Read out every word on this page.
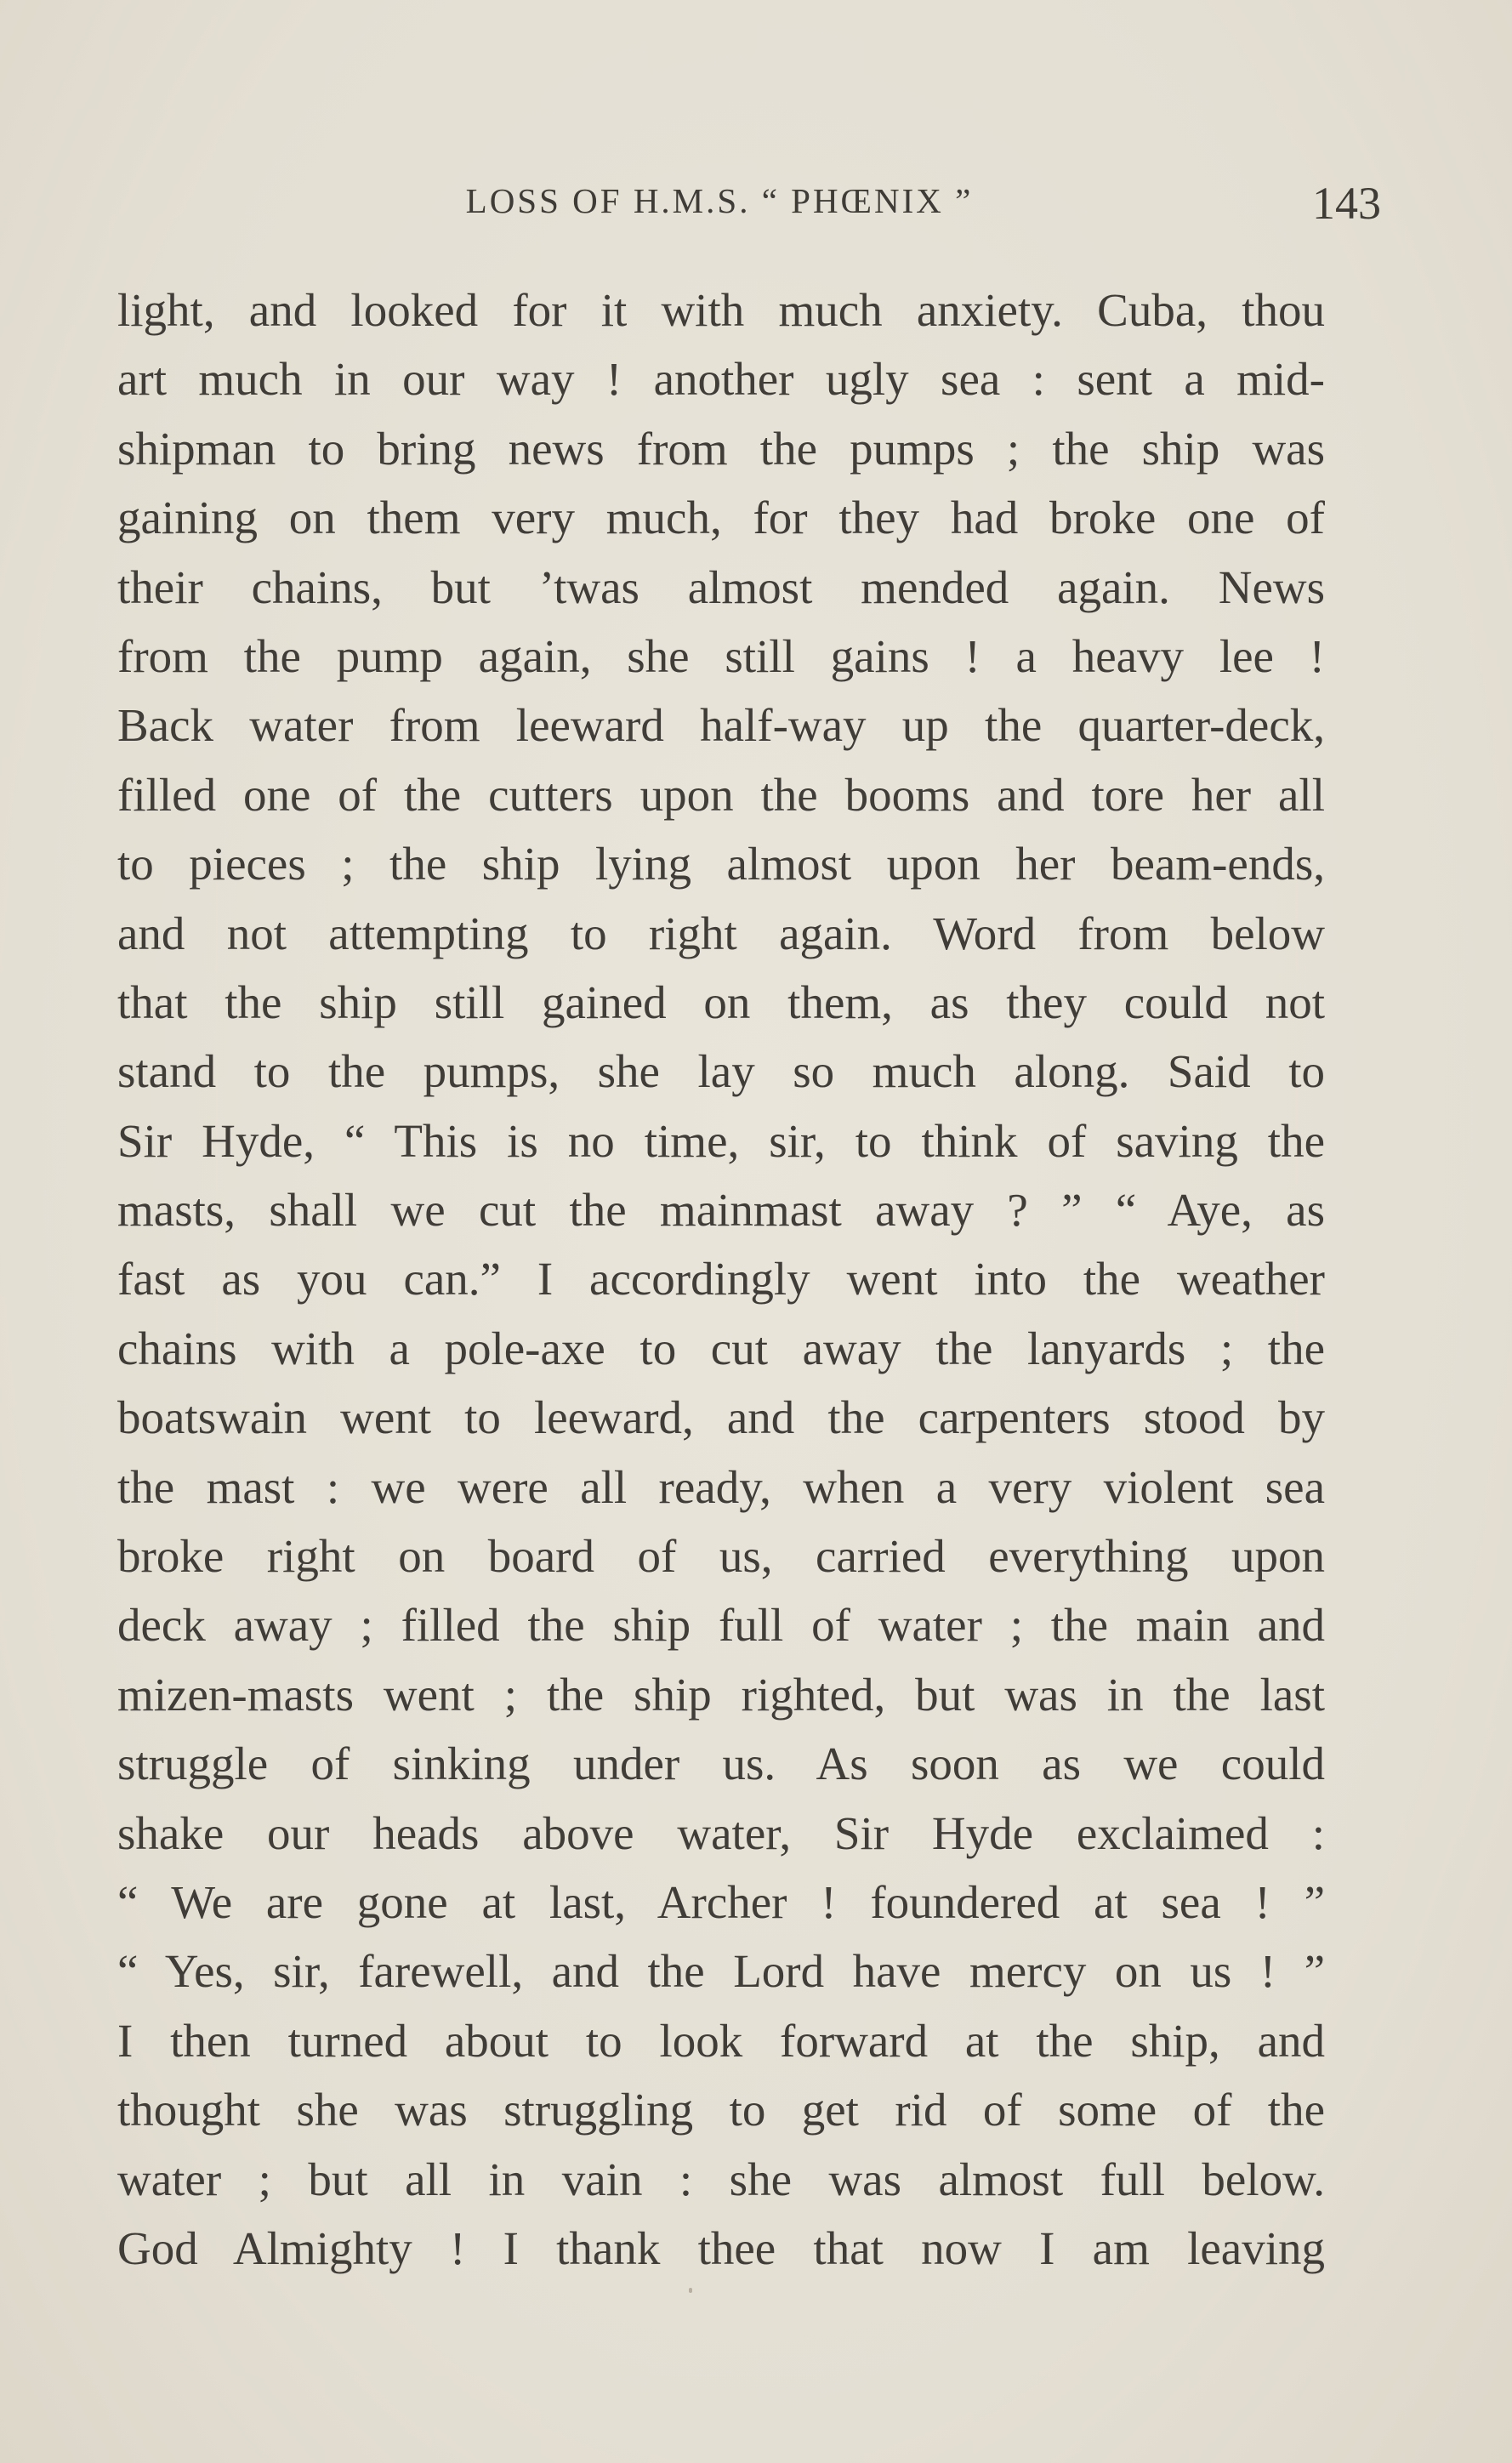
LOSS OF H.M.S. “ PHŒNIX ”	143
light, and looked for it with much anxiety. Cuba, thou
art much in our way ! another ugly sea : sent a mid-
shipman to bring news from the pumps ; the ship was
gaining on them very much, for they had broke one of
their chains, but ’twas almost mended again. News
from the pump again, she still gains ! a heavy lee !
Back water from leeward half-way up the quarter-deck,
filled one of the cutters upon the booms and tore her all
to pieces ; the ship lying almost upon her beam-ends,
and not attempting to right again. Word from below
that the ship still gained on them, as they could not
stand to the pumps, she lay so much along. Said to
Sir Hyde, “ This is no time, sir, to think of saving the
masts, shall we cut the mainmast away ? ” “ Aye, as
fast as you can.” I accordingly went into the weather
chains with a pole-axe to cut away the lanyards ; the
boatswain went to leeward, and the carpenters stood by
the mast : we were all ready, when a very violent sea
broke right on board of us, carried everything upon
deck away ; filled the ship full of water ; the main and
mizen-masts went ; the ship righted, but was in the last
struggle of sinking under us. As soon as we could
shake our heads above water, Sir Hyde exclaimed :
“ We are gone at last, Archer ! foundered at sea ! ”
“ Yes, sir, farewell, and the Lord have mercy on us ! ”
I then turned about to look forward at the ship, and
thought she was struggling to get rid of some of the
water ; but all in vain : she was almost full below.
God Almighty ! I thank thee that now I am leaving
